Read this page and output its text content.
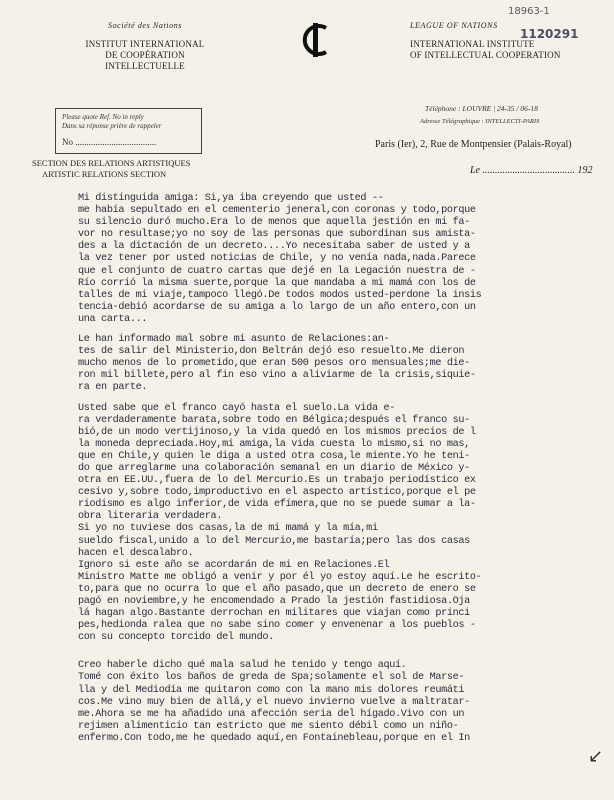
18963-1
1120291
Société des Nations
INSTITUT INTERNATIONAL
DE COOPÉRATION INTELLECTUELLE
LEAGUE OF NATIONS
INTERNATIONAL INSTITUTE
OF INTELLECTUAL COOPERATION
Téléphone : LOUVRE | 24-35 / 06-18
Adresse Télégraphique : INTELLECTI-PARIS
Paris (Ier), 2, Rue de Montpensier (Palais-Royal)
Le ..................................... 192
Please quote Ref. No in reply
Dans sa réponse prière de rappeler
No ....................................
SECTION DES RELATIONS ARTISTIQUES
ARTISTIC RELATIONS SECTION

Mi distinguida amiga: Si,ya iba creyendo que usted --

me había sepultado en el cementerio jeneral,con coronas y todo,porque

su silencio duró mucho.Era lo de menos que aquella jestión en mi fa-

vor no resultase;yo no soy de las personas que subordinan sus amista-

des a la dictación de un decreto....Yo necesitaba saber de usted y a

la vez tener por usted noticias de Chile, y no venía nada,nada.Parece

que el conjunto de cuatro cartas que dejé en la Legación nuestra de -

Río corrió la misma suerte,porque la que mandaba a mi mamá con los de

talles de mi viaje,tampoco llegó.De todos modos usted-perdone la insis

tencia-debió acordarse de su amiga a lo largo de un año entero,con un

una carta...

Le han informado mal sobre mi asunto de Relaciones:an-

tes de salir del Ministerio,don Beltrán dejó eso resuelto.Me dieron

mucho menos de lo prometido,que eran 500 pesos oro mensuales;me die-

ron mil billete,pero al fin eso vino a aliviarme de la crisis,siquie-

ra en parte.

Usted sabe que el franco cayó hasta el suelo.La vida e-

ra verdaderamente barata,sobre todo en Bélgica;después el franco su-

bió,de un modo vertijinoso,y la vida quedó en los mismos precios de l

la moneda depreciada.Hoy,mi amiga,la vida cuesta lo mismo,si no mas,

que en Chile,y quien le diga a usted otra cosa,le miente.Yo he teni-

do que arreglarme una colaboración semanal en un diario de México y-

otra en EE.UU.,fuera de lo del Mercurio.Es un trabajo periodístico ex

cesivo y,sobre todo,improductivo en el aspecto artístico,porque el pe

riodismo es algo inferior,de vida efímera,que no se puede sumar a la-

obra literaria verdadera.

Si yo no tuviese dos casas,la de mi mamá y la mía,mi

sueldo fiscal,unido a lo del Mercurio,me bastaría;pero las dos casas

hacen el descalabro.

Ignoro si este año se acordarán de mi en Relaciones.El

Ministro Matte me obligó a venir y por él yo estoy aquí.Le he escrito-

to,para que no ocurra lo que el año pasado,que un decreto de enero se

pagó en noviembre,y he encomendado a Prado la jestión fastidiosa.Oja

lá hagan algo.Bastante derrochan en militares que viajan como princi

pes,hedionda ralea que no sabe sino comer y envenenar a los pueblos -

con su concepto torcido del mundo.

Creo haberle dicho qué mala salud he tenido y tengo aquí.

Tomé con éxito los baños de greda de Spa;solamente el sol de Marse-

lla y del Mediodía me quitaron como con la mano mis dolores reumáti

cos.Me vino muy bien de allá,y el nuevo invierno vuelve a maltratar-

me.Ahora se me ha añadido una afección seria del hígado.Vivo con un

rejimen alimenticio tan estricto que me siento débil como un niño-

enfermo.Con todo,me he quedado aquí,en Fontainebleau,porque en el In

↙
